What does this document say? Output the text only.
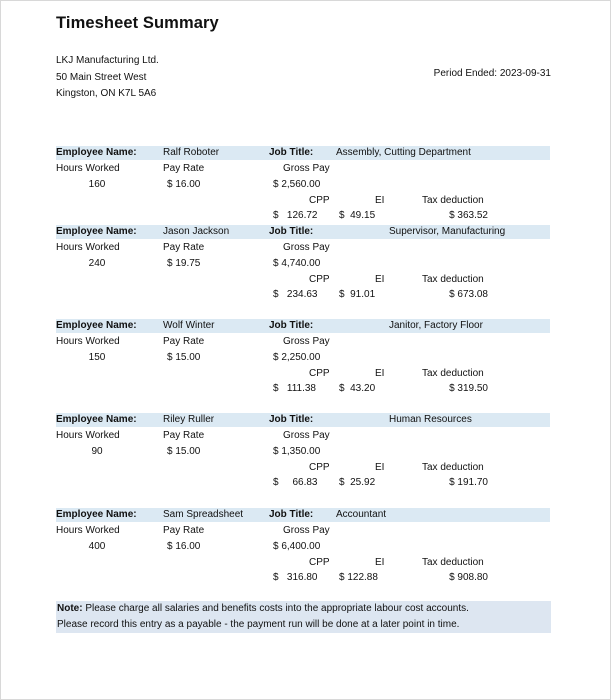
Timesheet Summary
LKJ Manufacturing Ltd.
50 Main Street West
Kingston, ON K7L 5A6
Period Ended: 2023-09-31
Employee Name:	Ralf Roboter	Job Title: Assembly, Cutting Department
Hours Worked	Pay Rate	Gross Pay
160	$ 16.00	$ 2,560.00
CPP	EI	Tax deduction
$   126.72 $  49.15	$ 363.52
Employee Name:	Jason Jackson	Job Title:	Supervisor, Manufacturing
Hours Worked	Pay Rate	Gross Pay
240	$ 19.75	$ 4,740.00
CPP	EI	Tax deduction
$   234.63 $  91.01	$ 673.08
Employee Name:	Wolf Winter	Job Title:	Janitor, Factory Floor
Hours Worked	Pay Rate	Gross Pay
150	$ 15.00	$ 2,250.00
CPP	EI	Tax deduction
$   111.38 $  43.20	$ 319.50
Employee Name:	Riley Ruller	Job Title:	Human Resources
Hours Worked	Pay Rate	Gross Pay
90	$ 15.00	$ 1,350.00
CPP	EI	Tax deduction
$     66.83 $  25.92	$ 191.70
Employee Name:	Sam Spreadsheet	Job Title: Accountant
Hours Worked	Pay Rate	Gross Pay
400	$ 16.00	$ 6,400.00
CPP	EI	Tax deduction
$   316.80 $ 122.88	$ 908.80
Note: Please charge all salaries and benefits costs into the appropriate labour cost accounts.
Please record this entry as a payable - the payment run will be done at a later point in time.
